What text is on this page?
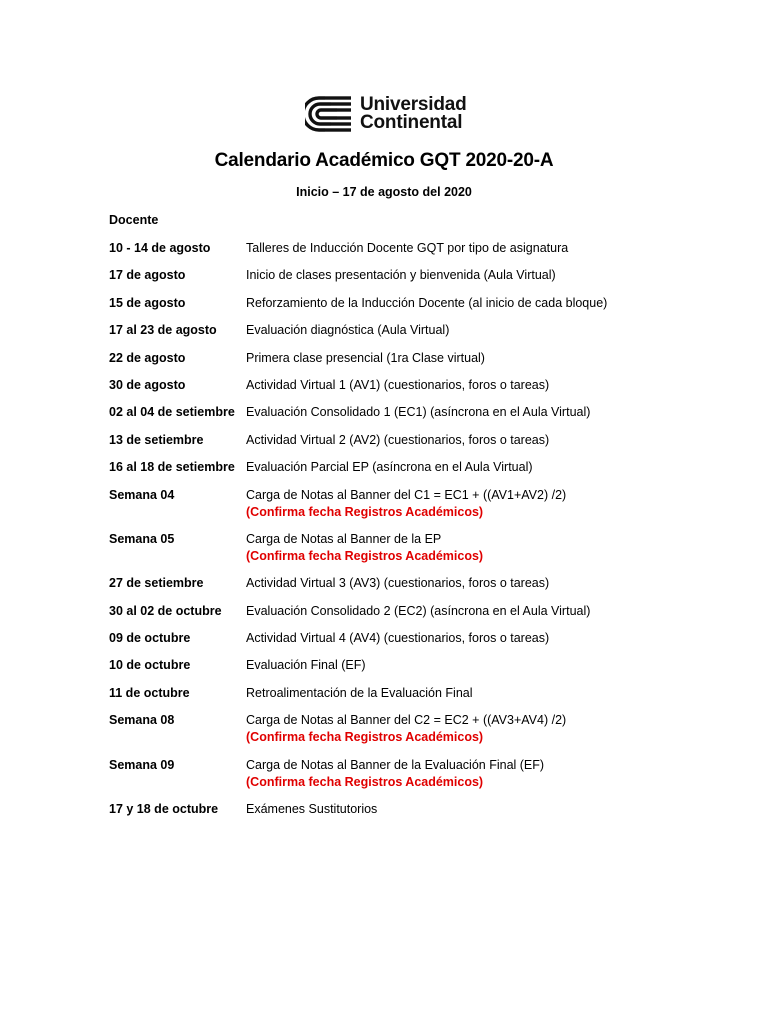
Universidad
Continental
Calendario Académico GQT 2020-20-A
Inicio – 17 de agosto del 2020
Docente
10 - 14 de agosto	Talleres de Inducción Docente GQT por tipo de asignatura
17 de agosto	Inicio de clases presentación y bienvenida (Aula Virtual)
15 de agosto	Reforzamiento de la Inducción Docente (al inicio de cada bloque)
17 al 23 de agosto	Evaluación diagnóstica (Aula Virtual)
22 de agosto	Primera clase presencial (1ra Clase virtual)
30 de agosto	Actividad Virtual 1 (AV1) (cuestionarios, foros o tareas)
02 al 04 de setiembre Evaluación Consolidado 1 (EC1) (asíncrona en el Aula Virtual)
13 de setiembre	Actividad Virtual 2 (AV2) (cuestionarios, foros o tareas)
16 al 18 de setiembre Evaluación Parcial EP (asíncrona en el Aula Virtual)
Semana 04	Carga de Notas al Banner del C1 = EC1 + ((AV1+AV2) /2)
(Confirma fecha Registros Académicos)
Semana 05	Carga de Notas al Banner de la EP
(Confirma fecha Registros Académicos)
27 de setiembre	Actividad Virtual 3 (AV3) (cuestionarios, foros o tareas)
30 al 02 de octubre	Evaluación Consolidado 2 (EC2) (asíncrona en el Aula Virtual)
09 de octubre	Actividad Virtual 4 (AV4) (cuestionarios, foros o tareas)
10 de octubre	Evaluación Final (EF)
11 de octubre	Retroalimentación de la Evaluación Final
Semana 08	Carga de Notas al Banner del C2 = EC2 + ((AV3+AV4) /2)
(Confirma fecha Registros Académicos)
Semana 09	Carga de Notas al Banner de la Evaluación Final (EF)
(Confirma fecha Registros Académicos)
17 y 18 de octubre	Exámenes Sustitutorios
